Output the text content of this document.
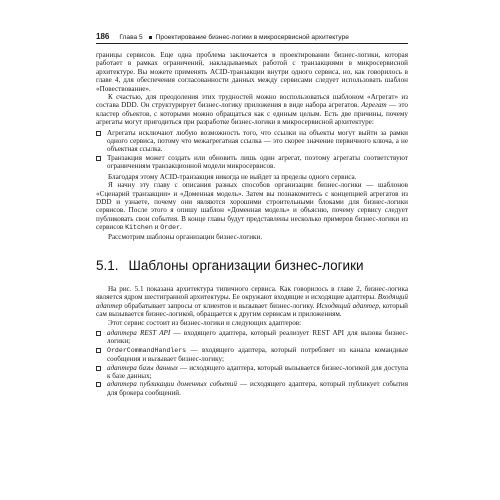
186 Глава 5 Проектирование бизнес-логики в микросервисной архитектуре

границы сервисов. Еще одна проблема заключается в проектировании бизнес-логики, которая работает в рамках ограничений, накладываемых работой с транзакциями в микросервисной архитектуре. Вы можете применять ACID-транзакции внутри одного сервиса, но, как говорилось в главе 4, для обеспечения согласованности данных между сервисами следует использовать шаблон «Повествование».

К счастью, для преодоления этих трудностей можно воспользоваться шаблоном «Агрегат» из состава DDD. Он структурирует бизнес-логику приложения в виде набора агрегатов. Агрегат — это кластер объектов, с которыми можно обращаться как с единым целым. Есть две причины, почему агрегаты могут пригодиться при разработке бизнес-логики в микросервисной архитектуре:

Агрегаты исключают любую возможность того, что ссылки на объекты могут выйти за рамки одного сервиса, потому что межагрегатная ссылка — это скорее значение первичного ключа, а не объектная ссылка.

Транзакция может создать или обновить лишь один агрегат, поэтому агрегаты соответствуют ограничениям транзакционной модели микросервисов.

Благодаря этому ACID-транзакция никогда не выйдет за пределы одного сервиса.

Я начну эту главу с описания разных способов организации бизнес-логики — шаблонов «Сценарий транзакции» и «Доменная модель». Затем вы познакомитесь с концепцией агрегатов из DDD и узнаете, почему они являются хорошими строительными блоками для бизнес-логики сервисов. После этого я опишу шаблон «Доменная модель» и объясню, почему сервису следует публиковать свои события. В конце главы будут представлены несколько примеров бизнес-логики из сервисов Kitchen и Order.

Рассмотрим шаблоны организации бизнес-логики.

5.1. Шаблоны организации бизнес-логики

На рис. 5.1 показана архитектура типичного сервиса. Как говорилось в главе 2, бизнес-логика является ядром шестигранной архитектуры. Ее окружают входящие и исходящие адаптеры. Входящий адаптер обрабатывает запросы от клиентов и вызывает бизнес-логику. Исходящий адаптер, который сам вызывается бизнес-логикой, обращается к другим сервисам и приложениям.

Этот сервис состоит из бизнес-логики и следующих адаптеров:

адаптера REST API — входящего адаптера, который реализует REST API для вызова бизнес-логики;

OrderCommandHandlers — входящего адаптера, который потребляет из канала командные сообщения и вызывает бизнес-логику;

адаптера базы данных — исходящего адаптера, который вызывается бизнес-логикой для доступа к базе данных;

адаптера публикации доменных событий — исходящего адаптера, который публикует события для брокера сообщений.
